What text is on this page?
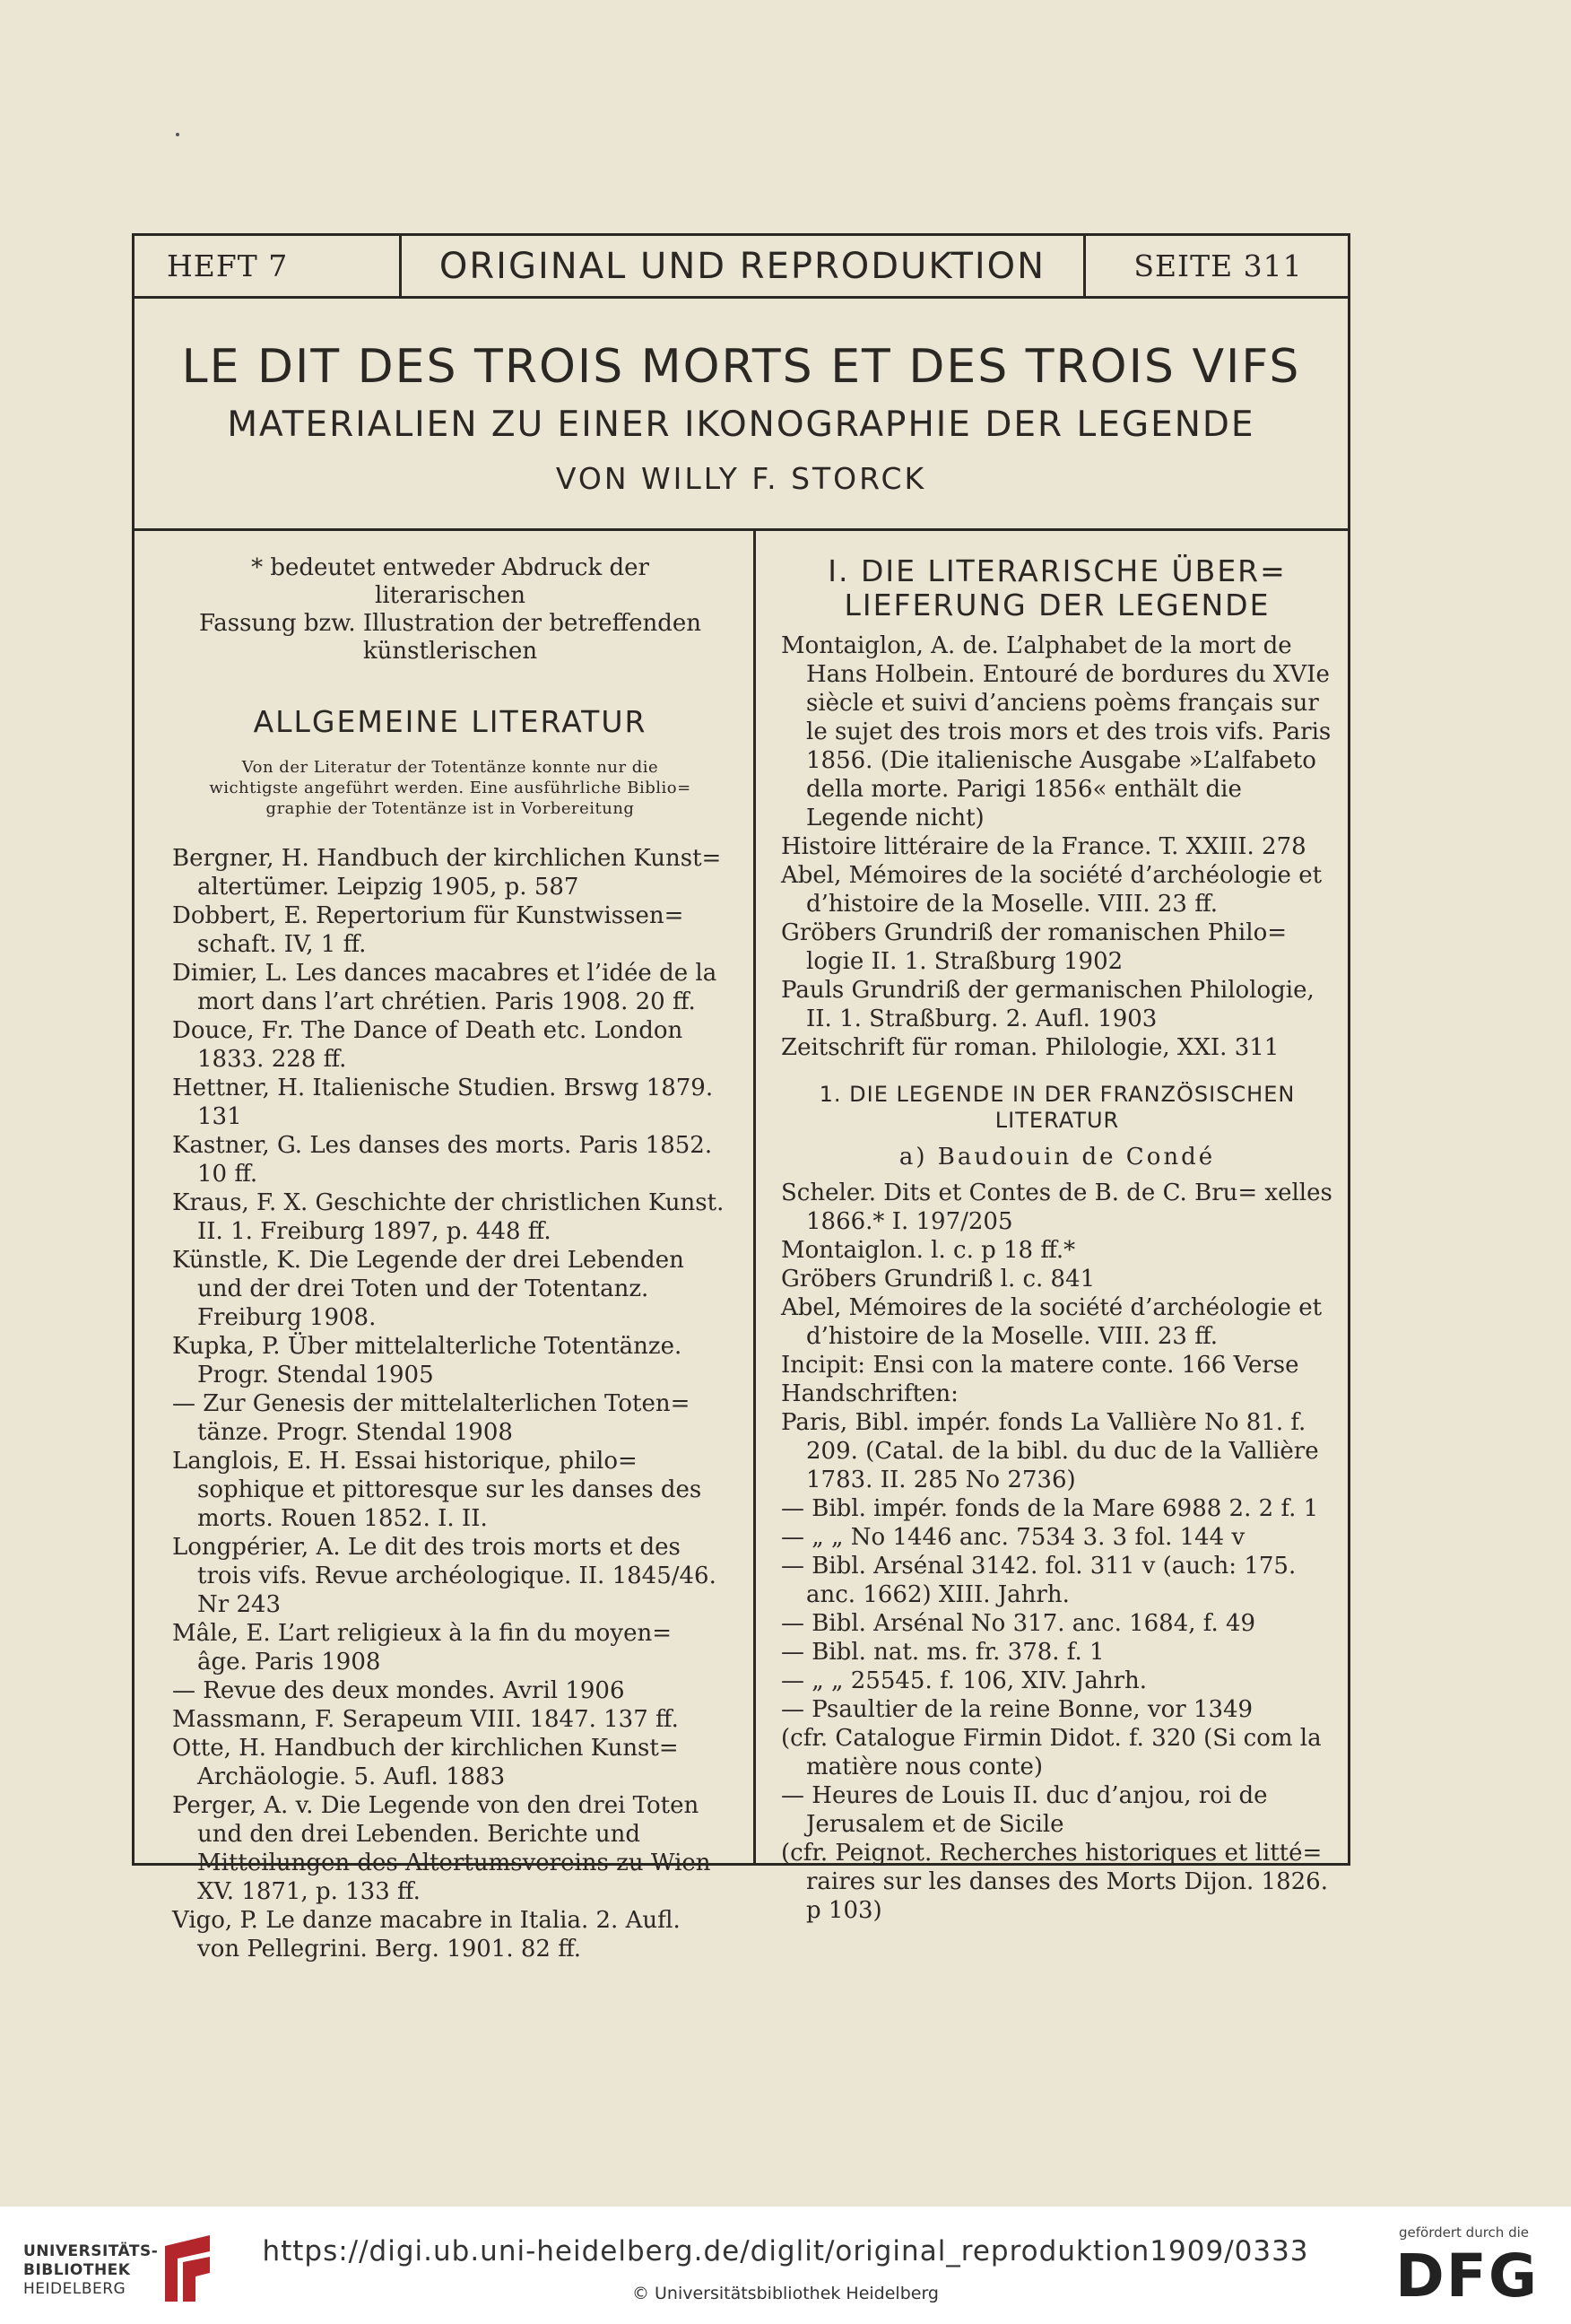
HEFT 7	ORIGINAL UND REPRODUKTION	SEITE 311
LE DIT DES TROIS MORTS ET DES TROIS VIFS
MATERIALIEN ZU EINER IKONOGRAPHIE DER LEGENDE
VON WILLY F. STORCK

* bedeutet entweder Abdruck der literarischen

Fassung bzw. Illustration der betreffenden

künstlerischen

ALLGEMEINE LITERATUR
Von der Literatur der Totentänze konnte nur die
wichtigste angeführt werden. Eine ausführliche Biblio=
graphie der Totentänze ist in Vorbereitung

Bergner, H. Handbuch der kirchlichen Kunst= altertümer. Leipzig 1905, p. 587

Dobbert, E. Repertorium für Kunstwissen= schaft. IV, 1 ff.

Dimier, L. Les dances macabres et l’idée de la mort dans l’art chrétien. Paris 1908. 20 ff.

Douce, Fr. The Dance of Death etc. London 1833. 228 ff.

Hettner, H. Italienische Studien. Brswg 1879. 131

Kastner, G. Les danses des morts. Paris 1852. 10 ff.

Kraus, F. X. Geschichte der christlichen Kunst. II. 1. Freiburg 1897, p. 448 ff.

Künstle, K. Die Legende der drei Lebenden und der drei Toten und der Totentanz. Freiburg 1908.

Kupka, P. Über mittelalterliche Totentänze. Progr. Stendal 1905

— Zur Genesis der mittelalterlichen Toten= tänze. Progr. Stendal 1908

Langlois, E. H. Essai historique, philo= sophique et pittoresque sur les danses des morts. Rouen 1852. I. II.

Longpérier, A. Le dit des trois morts et des trois vifs. Revue archéologique. II. 1845/46. Nr 243

Mâle, E. L’art religieux à la fin du moyen= âge. Paris 1908

— Revue des deux mondes. Avril 1906

Massmann, F. Serapeum VIII. 1847. 137 ff.

Otte, H. Handbuch der kirchlichen Kunst= Archäologie. 5. Aufl. 1883

Perger, A. v. Die Legende von den drei Toten und den drei Lebenden. Berichte und Mitteilungen des Altertumsvereins zu Wien XV. 1871, p. 133 ff.

Vigo, P. Le danze macabre in Italia. 2. Aufl. von Pellegrini. Berg. 1901. 82 ff.

I. DIE LITERARISCHE ÜBER=
LIEFERUNG DER LEGENDE

Montaiglon, A. de. L’alphabet de la mort de Hans Holbein. Entouré de bordures du XVIe siècle et suivi d’anciens poèms français sur le sujet des trois mors et des trois vifs. Paris 1856. (Die italienische Ausgabe »L’alfabeto della morte. Parigi 1856« enthält die Legende nicht)

Histoire littéraire de la France. T. XXIII. 278

Abel, Mémoires de la société d’archéologie et d’histoire de la Moselle. VIII. 23 ff.

Gröbers Grundriß der romanischen Philo= logie II. 1. Straßburg 1902

Pauls Grundriß der germanischen Philologie, II. 1. Straßburg. 2. Aufl. 1903

Zeitschrift für roman. Philologie, XXI. 311

1. DIE LEGENDE IN DER FRANZÖSISCHEN
LITERATUR
a) Baudouin de Condé

Scheler. Dits et Contes de B. de C. Bru= xelles 1866.* I. 197/205

Montaiglon. l. c. p 18 ff.*

Gröbers Grundriß l. c. 841

Abel, Mémoires de la société d’archéologie et d’histoire de la Moselle. VIII. 23 ff.

Incipit: Ensi con la matere conte. 166 Verse

Handschriften:

Paris, Bibl. impér. fonds La Vallière No 81. f. 209. (Catal. de la bibl. du duc de la Vallière 1783. II. 285 No 2736)

— Bibl. impér. fonds de la Mare 6988 2. 2 f. 1

— „ „ No 1446 anc. 7534 3. 3 fol. 144 v

— Bibl. Arsénal 3142. fol. 311 v (auch: 175. anc. 1662) XIII. Jahrh.

— Bibl. Arsénal No 317. anc. 1684, f. 49

— Bibl. nat. ms. fr. 378. f. 1

— „ „ 25545. f. 106, XIV. Jahrh.

— Psaultier de la reine Bonne, vor 1349

(cfr. Catalogue Firmin Didot. f. 320 (Si com la matière nous conte)

— Heures de Louis II. duc d’anjou, roi de Jerusalem et de Sicile

(cfr. Peignot. Recherches historiques et litté= raires sur les danses des Morts Dijon. 1826. p 103)

UNIVERSITÄTS-
BIBLIOTHEK
HEIDELBERG
https://digi.ub.uni-heidelberg.de/diglit/original_reproduktion1909/0333
© Universitätsbibliothek Heidelberg
gefördert durch die
DFG
